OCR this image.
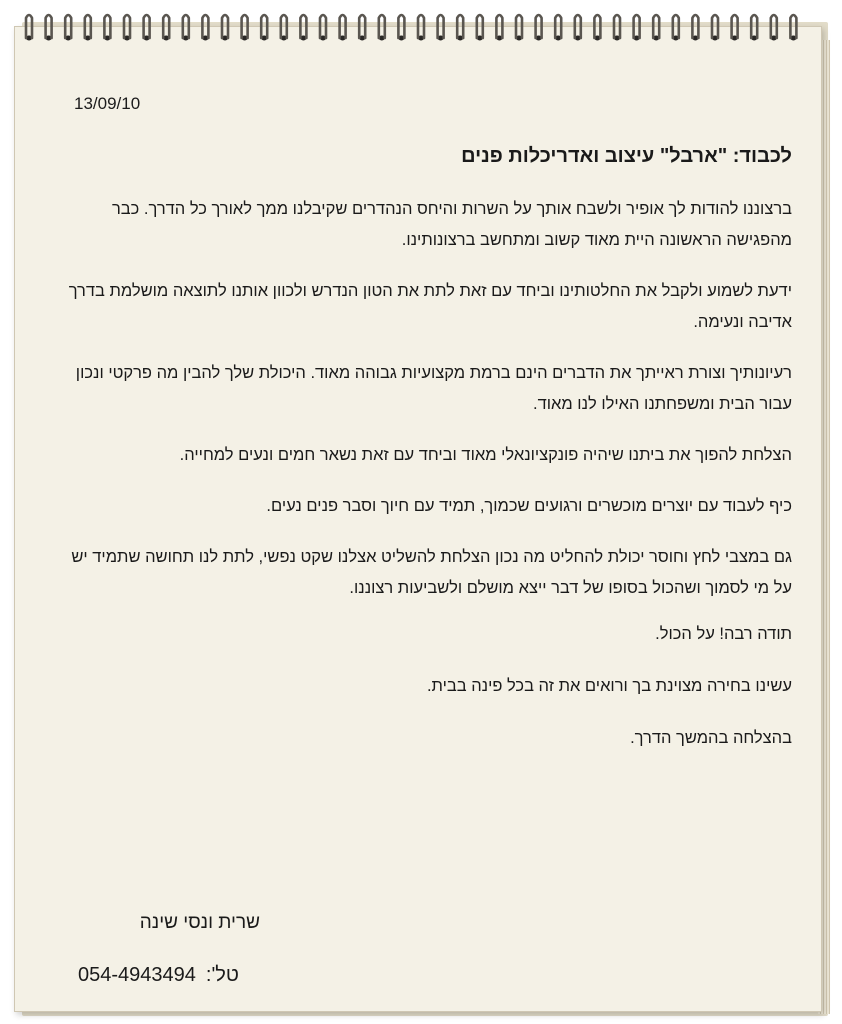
13/09/10
לכבוד: "ארבל" עיצוב ואדריכלות פנים

ברצוננו להודות לך אופיר ולשבח אותך על השרות והיחס הנהדרים שקיבלנו ממך לאורך כל הדרך. כבר מהפגישה הראשונה היית מאוד קשוב ומתחשב ברצונותינו.

ידעת לשמוע ולקבל את החלטותינו וביחד עם זאת לתת את הטון הנדרש ולכוון אותנו לתוצאה מושלמת בדרך אדיבה ונעימה.

רעיונותיך וצורת ראייתך את הדברים הינם ברמת מקצועיות גבוהה מאוד. היכולת שלך להבין מה פרקטי ונכון עבור הבית ומשפחתנו האילו לנו מאוד.

הצלחת להפוך את ביתנו שיהיה פונקציונאלי מאוד וביחד עם זאת נשאר חמים ונעים למחייה.

כיף לעבוד עם יוצרים מוכשרים ורגועים שכמוך, תמיד עם חיוך וסבר פנים נעים.

גם במצבי לחץ וחוסר יכולת להחליט מה נכון הצלחת להשליט אצלנו שקט נפשי, לתת לנו תחושה שתמיד יש על מי לסמוך ושהכול בסופו של דבר ייצא מושלם ולשביעות רצוננו.

תודה רבה! על הכול.

עשינו בחירה מצוינת בך ורואים את זה בכל פינה בבית.

בהצלחה בהמשך הדרך.

שרית ונסי שינה
טל':
054-4943494
